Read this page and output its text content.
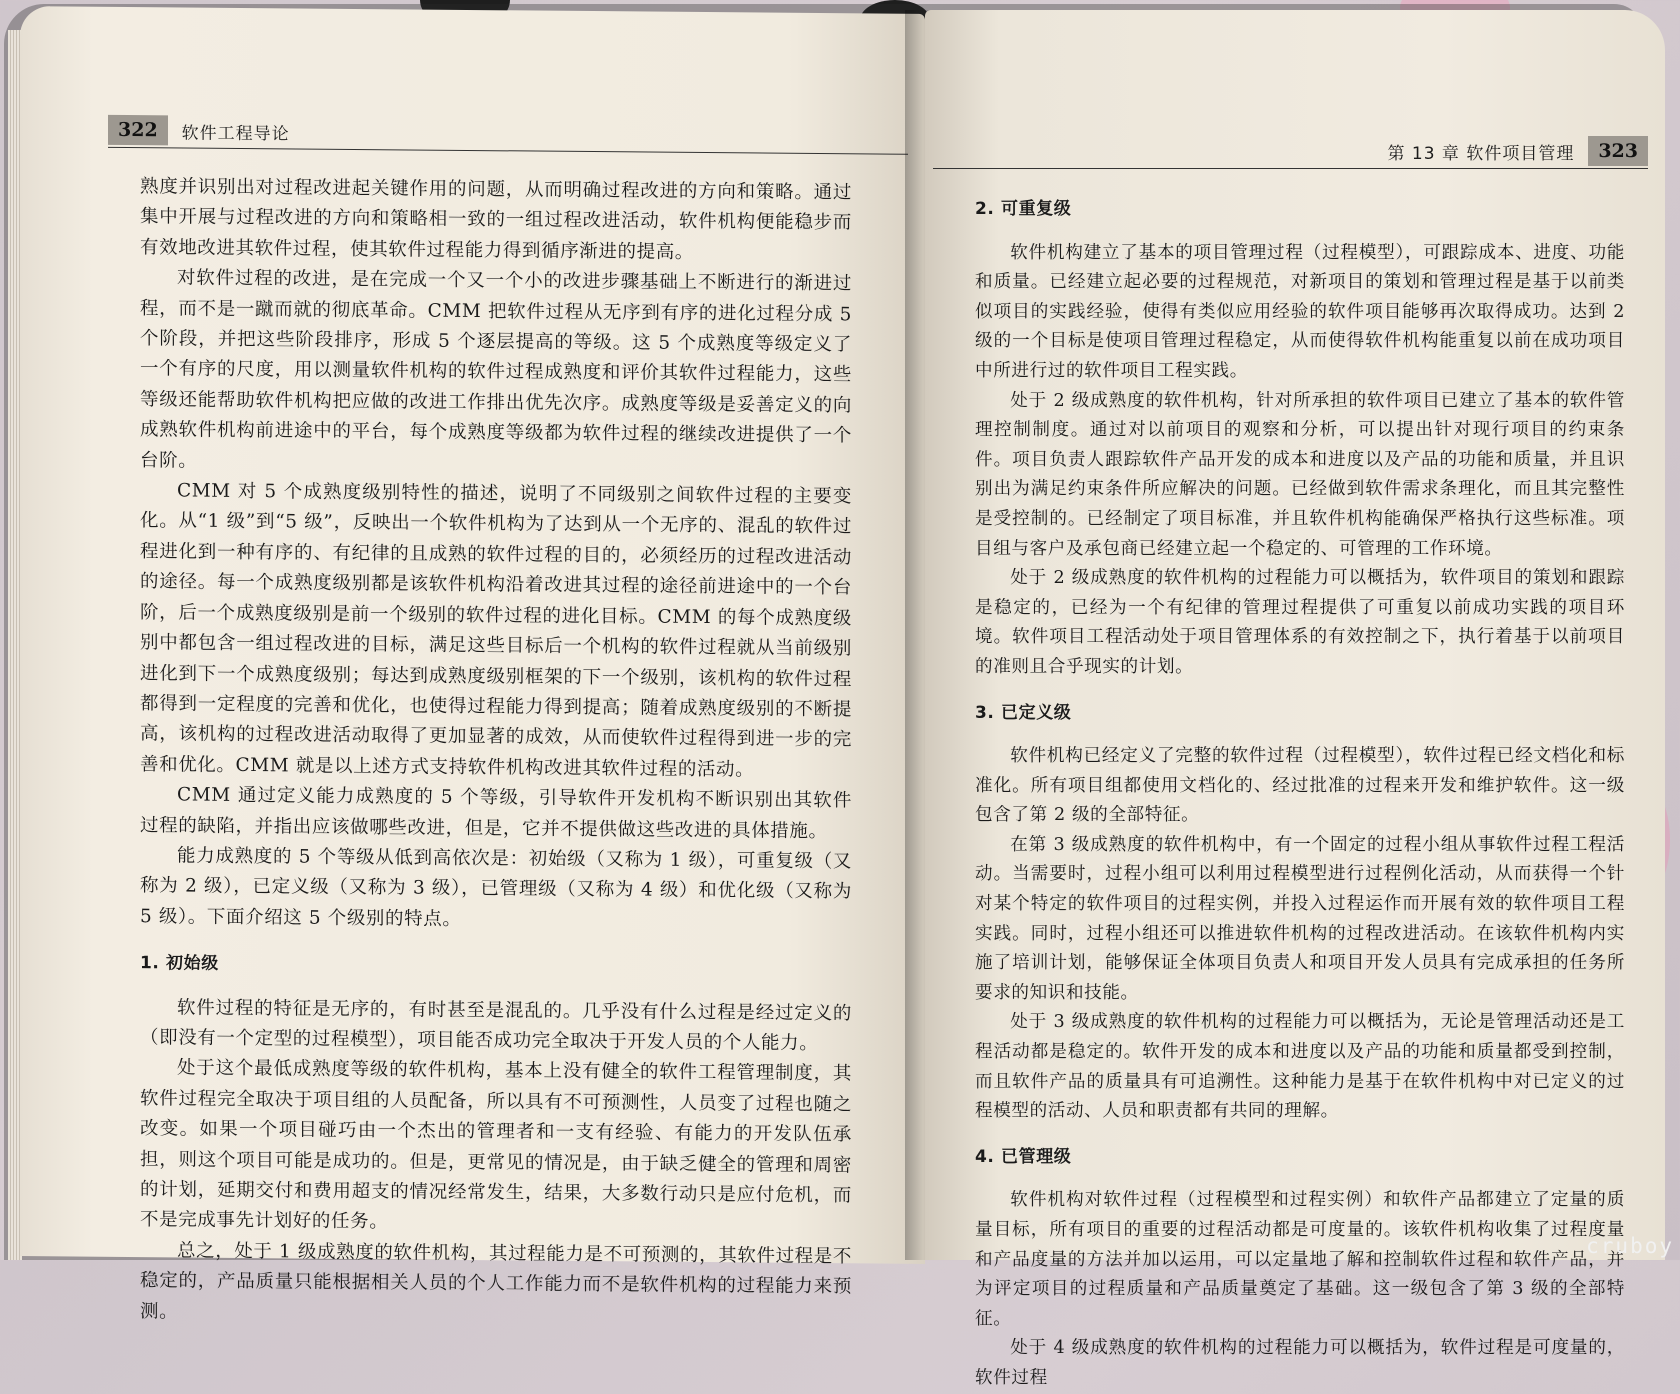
322	软件工程导论

熟度并识别出对过程改进起关键作用的问题，从而明确过程改进的方向和策略。通过集中开展与过程改进的方向和策略相一致的一组过程改进活动，软件机构便能稳步而有效地改进其软件过程，使其软件过程能力得到循序渐进的提高。

对软件过程的改进，是在完成一个又一个小的改进步骤基础上不断进行的渐进过程，而不是一蹴而就的彻底革命。CMM 把软件过程从无序到有序的进化过程分成 5 个阶段，并把这些阶段排序，形成 5 个逐层提高的等级。这 5 个成熟度等级定义了一个有序的尺度，用以测量软件机构的软件过程成熟度和评价其软件过程能力，这些等级还能帮助软件机构把应做的改进工作排出优先次序。成熟度等级是妥善定义的向成熟软件机构前进途中的平台，每个成熟度等级都为软件过程的继续改进提供了一个台阶。

CMM 对 5 个成熟度级别特性的描述，说明了不同级别之间软件过程的主要变化。从“1 级”到“5 级”，反映出一个软件机构为了达到从一个无序的、混乱的软件过程进化到一种有序的、有纪律的且成熟的软件过程的目的，必须经历的过程改进活动的途径。每一个成熟度级别都是该软件机构沿着改进其过程的途径前进途中的一个台阶，后一个成熟度级别是前一个级别的软件过程的进化目标。CMM 的每个成熟度级别中都包含一组过程改进的目标，满足这些目标后一个机构的软件过程就从当前级别进化到下一个成熟度级别；每达到成熟度级别框架的下一个级别，该机构的软件过程都得到一定程度的完善和优化，也使得过程能力得到提高；随着成熟度级别的不断提高，该机构的过程改进活动取得了更加显著的成效，从而使软件过程得到进一步的完善和优化。CMM 就是以上述方式支持软件机构改进其软件过程的活动。

CMM 通过定义能力成熟度的 5 个等级，引导软件开发机构不断识别出其软件过程的缺陷，并指出应该做哪些改进，但是，它并不提供做这些改进的具体措施。

能力成熟度的 5 个等级从低到高依次是：初始级（又称为 1 级），可重复级（又称为 2 级），已定义级（又称为 3 级），已管理级（又称为 4 级）和优化级（又称为 5 级）。下面介绍这 5 个级别的特点。

1. 初始级

软件过程的特征是无序的，有时甚至是混乱的。几乎没有什么过程是经过定义的（即没有一个定型的过程模型），项目能否成功完全取决于开发人员的个人能力。

处于这个最低成熟度等级的软件机构，基本上没有健全的软件工程管理制度，其软件过程完全取决于项目组的人员配备，所以具有不可预测性，人员变了过程也随之改变。如果一个项目碰巧由一个杰出的管理者和一支有经验、有能力的开发队伍承担，则这个项目可能是成功的。但是，更常见的情况是，由于缺乏健全的管理和周密的计划，延期交付和费用超支的情况经常发生，结果，大多数行动只是应付危机，而不是完成事先计划好的任务。

总之，处于 1 级成熟度的软件机构，其过程能力是不可预测的，其软件过程是不稳定的，产品质量只能根据相关人员的个人工作能力而不是软件机构的过程能力来预测。

第 13 章 软件项目管理	323
2. 可重复级

软件机构建立了基本的项目管理过程（过程模型），可跟踪成本、进度、功能和质量。已经建立起必要的过程规范，对新项目的策划和管理过程是基于以前类似项目的实践经验，使得有类似应用经验的软件项目能够再次取得成功。达到 2 级的一个目标是使项目管理过程稳定，从而使得软件机构能重复以前在成功项目中所进行过的软件项目工程实践。

处于 2 级成熟度的软件机构，针对所承担的软件项目已建立了基本的软件管理控制制度。通过对以前项目的观察和分析，可以提出针对现行项目的约束条件。项目负责人跟踪软件产品开发的成本和进度以及产品的功能和质量，并且识别出为满足约束条件所应解决的问题。已经做到软件需求条理化，而且其完整性是受控制的。已经制定了项目标准，并且软件机构能确保严格执行这些标准。项目组与客户及承包商已经建立起一个稳定的、可管理的工作环境。

处于 2 级成熟度的软件机构的过程能力可以概括为，软件项目的策划和跟踪是稳定的，已经为一个有纪律的管理过程提供了可重复以前成功实践的项目环境。软件项目工程活动处于项目管理体系的有效控制之下，执行着基于以前项目的准则且合乎现实的计划。

3. 已定义级

软件机构已经定义了完整的软件过程（过程模型），软件过程已经文档化和标准化。所有项目组都使用文档化的、经过批准的过程来开发和维护软件。这一级包含了第 2 级的全部特征。

在第 3 级成熟度的软件机构中，有一个固定的过程小组从事软件过程工程活动。当需要时，过程小组可以利用过程模型进行过程例化活动，从而获得一个针对某个特定的软件项目的过程实例，并投入过程运作而开展有效的软件项目工程实践。同时，过程小组还可以推进软件机构的过程改进活动。在该软件机构内实施了培训计划，能够保证全体项目负责人和项目开发人员具有完成承担的任务所要求的知识和技能。

处于 3 级成熟度的软件机构的过程能力可以概括为，无论是管理活动还是工程活动都是稳定的。软件开发的成本和进度以及产品的功能和质量都受到控制，而且软件产品的质量具有可追溯性。这种能力是基于在软件机构中对已定义的过程模型的活动、人员和职责都有共同的理解。

4. 已管理级

软件机构对软件过程（过程模型和过程实例）和软件产品都建立了定量的质量目标，所有项目的重要的过程活动都是可度量的。该软件机构收集了过程度量和产品度量的方法并加以运用，可以定量地了解和控制软件过程和软件产品，并为评定项目的过程质量和产品质量奠定了基础。这一级包含了第 3 级的全部特征。

处于 4 级成熟度的软件机构的过程能力可以概括为，软件过程是可度量的，软件过程

cruboy
